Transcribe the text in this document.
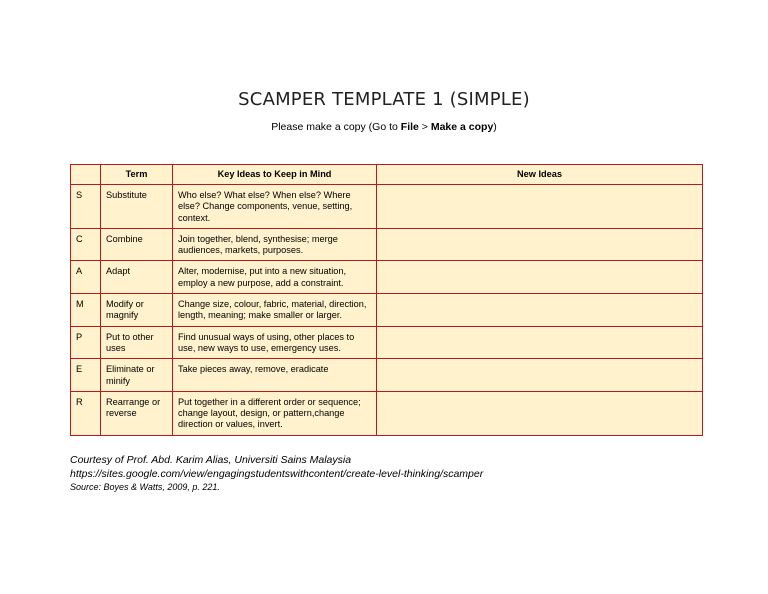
SCAMPER TEMPLATE 1 (SIMPLE)
Please make a copy (Go to File > Make a copy)
	Term	Key Ideas to Keep in Mind	New Ideas
S	Substitute	Who else? What else? When else? Where else? Change components, venue, setting, context.	
C	Combine	Join together, blend, synthesise; merge audiences, markets, purposes.	
A	Adapt	Alter, modernise, put into a new situation, employ a new purpose, add a constraint.	
M	Modify or magnify	Change size, colour, fabric, material, direction, length, meaning; make smaller or larger.	
P	Put to other uses	Find unusual ways of using, other places to use, new ways to use, emergency uses.	
E	Eliminate or minify	Take pieces away, remove, eradicate	
R	Rearrange or reverse	Put together in a different order or sequence; change layout, design, or pattern,change direction or values, invert.	
Courtesy of Prof. Abd. Karim Alias, Universiti Sains Malaysia
https://sites.google.com/view/engagingstudentswithcontent/create-level-thinking/scamper
Source: Boyes & Watts, 2009, p. 221.
